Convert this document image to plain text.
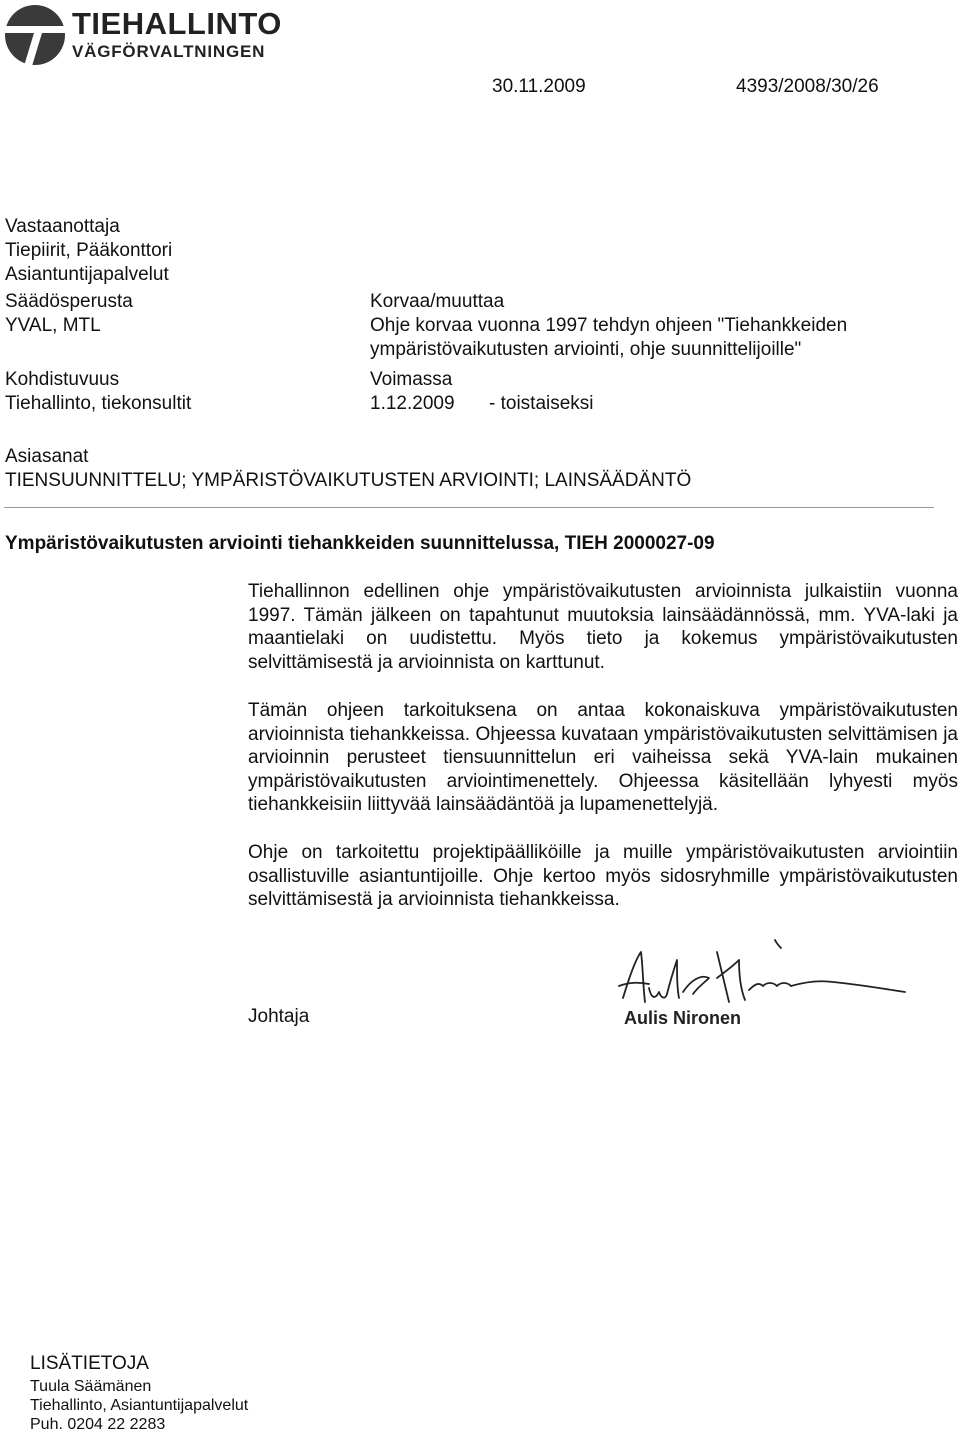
TIEHALLINTO
VÄGFÖRVALTNINGEN
30.11.2009	4393/2008/30/26
Vastaanottaja
Tiepiirit, Pääkonttori
Asiantuntijapalvelut
Säädösperusta
YVAL, MTL
Kohdistuvuus
Tiehallinto, tiekonsultit
Korvaa/muuttaa
Ohje korvaa vuonna 1997 tehdyn ohjeen "Tiehankkeiden
ympäristövaikutusten arviointi, ohje suunnittelijoille"
Voimassa
1.12.2009 - toistaiseksi
Asiasanat
TIENSUUNNITTELU; YMPÄRISTÖVAIKUTUSTEN ARVIOINTI; LAINSÄÄDÄNTÖ
Ympäristövaikutusten arviointi tiehankkeiden suunnittelussa, TIEH 2000027-09
Tiehallinnon edellinen ohje ympäristövaikutusten arvioinnista julkaistiin vuonna 1997. Tämän jälkeen on tapahtunut muutoksia lainsäädännössä, mm. YVA-laki ja maantielaki on uudistettu. Myös tieto ja kokemus ympäristövaikutusten selvittämisestä ja arvioinnista on karttunut.
Tämän ohjeen tarkoituksena on antaa kokonaiskuva ympäristövaikutusten arvioinnista tiehankkeissa. Ohjeessa kuvataan ympäristövaikutusten selvittämisen ja arvioinnin perusteet tiensuunnittelun eri vaiheissa sekä YVA-lain mukainen ympäristövaikutusten arviointimenettely. Ohjeessa käsitellään lyhyesti myös tiehankkeisiin liittyvää lainsäädäntöä ja lupamenettelyjä.
Ohje on tarkoitettu projektipäälliköille ja muille ympäristövaikutusten arviointiin osallistuville asiantuntijoille. Ohje kertoo myös sidosryhmille ympäristövaikutusten selvittämisestä ja arvioinnista tiehankkeissa.
Johtaja	Aulis Nironen
LISÄTIETOJA
Tuula Säämänen
Tiehallinto, Asiantuntijapalvelut
Puh. 0204 22 2283
